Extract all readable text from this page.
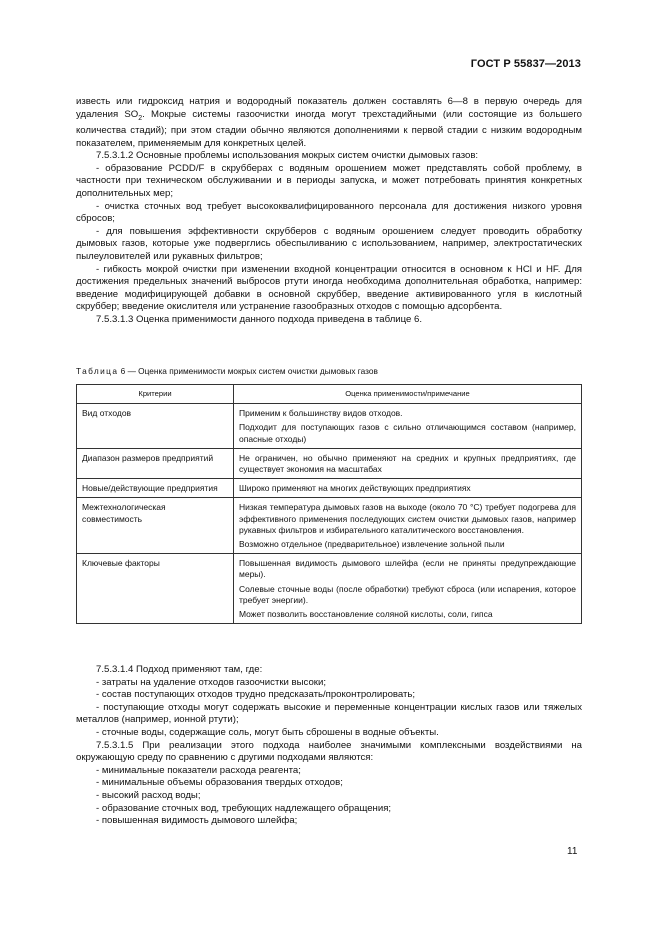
ГОСТ Р 55837—2013

известь или гидроксид натрия и водородный показатель должен составлять 6—8 в первую очередь для удаления $SO_2$. Мокрые системы газоочистки иногда могут трехстадийными (или состоящие из большего количества стадий); при этом стадии обычно являются дополнениями к первой стадии с низким водородным показателем, применяемым для конкретных целей.

7.5.3.1.2 Основные проблемы использования мокрых систем очистки дымовых газов:

- образование PCDD/F в скрубберах с водяным орошением может представлять собой проблему, в частности при техническом обслуживании и в периоды запуска, и может потребовать принятия конкретных дополнительных мер;

- очистка сточных вод требует высококвалифицированного персонала для достижения низкого уровня сбросов;

- для повышения эффективности скрубберов с водяным орошением следует проводить обработку дымовых газов, которые уже подверглись обеспыливанию с использованием, например, электростатических пылеуловителей или рукавных фильтров;

- гибкость мокрой очистки при изменении входной концентрации относится в основном к HCl и HF. Для достижения предельных значений выбросов ртути иногда необходима дополнительная обработка, например: введение модифицирующей добавки в основной скруббер, введение активированного угля в кислотный скруббер; введение окислителя или устранение газообразных отходов с помощью адсорбента.

7.5.3.1.3 Оценка применимости данного подхода приведена в таблице 6.

Таблица 6 — Оценка применимости мокрых систем очистки дымовых газов
Критерии	Оценка применимости/примечание
Вид отходов	Применим к большинству видов отходов.

Подходит для поступающих газов с сильно отличающимся составом (например, опасные отходы)

Диапазон размеров предприятий	Не ограничен, но обычно применяют на средних и крупных предприятиях, где существует экономия на масштабах

Новые/действующие предприятия	Широко применяют на многих действующих предприятиях

Межтехнологическая совместимость	Низкая температура дымовых газов на выходе (около 70 °С) требует подогрева для эффективного применения последующих систем очистки дымовых газов, например рукавных фильтров и избирательного каталитического восстановления.

Возможно отдельное (предварительное) извлечение зольной пыли

Ключевые факторы	Повышенная видимость дымового шлейфа (если не приняты предупреждающие меры).

Солевые сточные воды (после обработки) требуют сброса (или испарения, которое требует энергии).

Может позволить восстановление соляной кислоты, соли, гипса

7.5.3.1.4 Подход применяют там, где:

- затраты на удаление отходов газоочистки высоки;

- состав поступающих отходов трудно предсказать/проконтролировать;

- поступающие отходы могут содержать высокие и переменные концентрации кислых газов или тяжелых металлов (например, ионной ртути);

- сточные воды, содержащие соль, могут быть сброшены в водные объекты.

7.5.3.1.5 При реализации этого подхода наиболее значимыми комплексными воздействиями на окружающую среду по сравнению с другими подходами являются:

- минимальные показатели расхода реагента;

- минимальные объемы образования твердых отходов;

- высокий расход воды;

- образование сточных вод, требующих надлежащего обращения;

- повышенная видимость дымового шлейфа;

11
